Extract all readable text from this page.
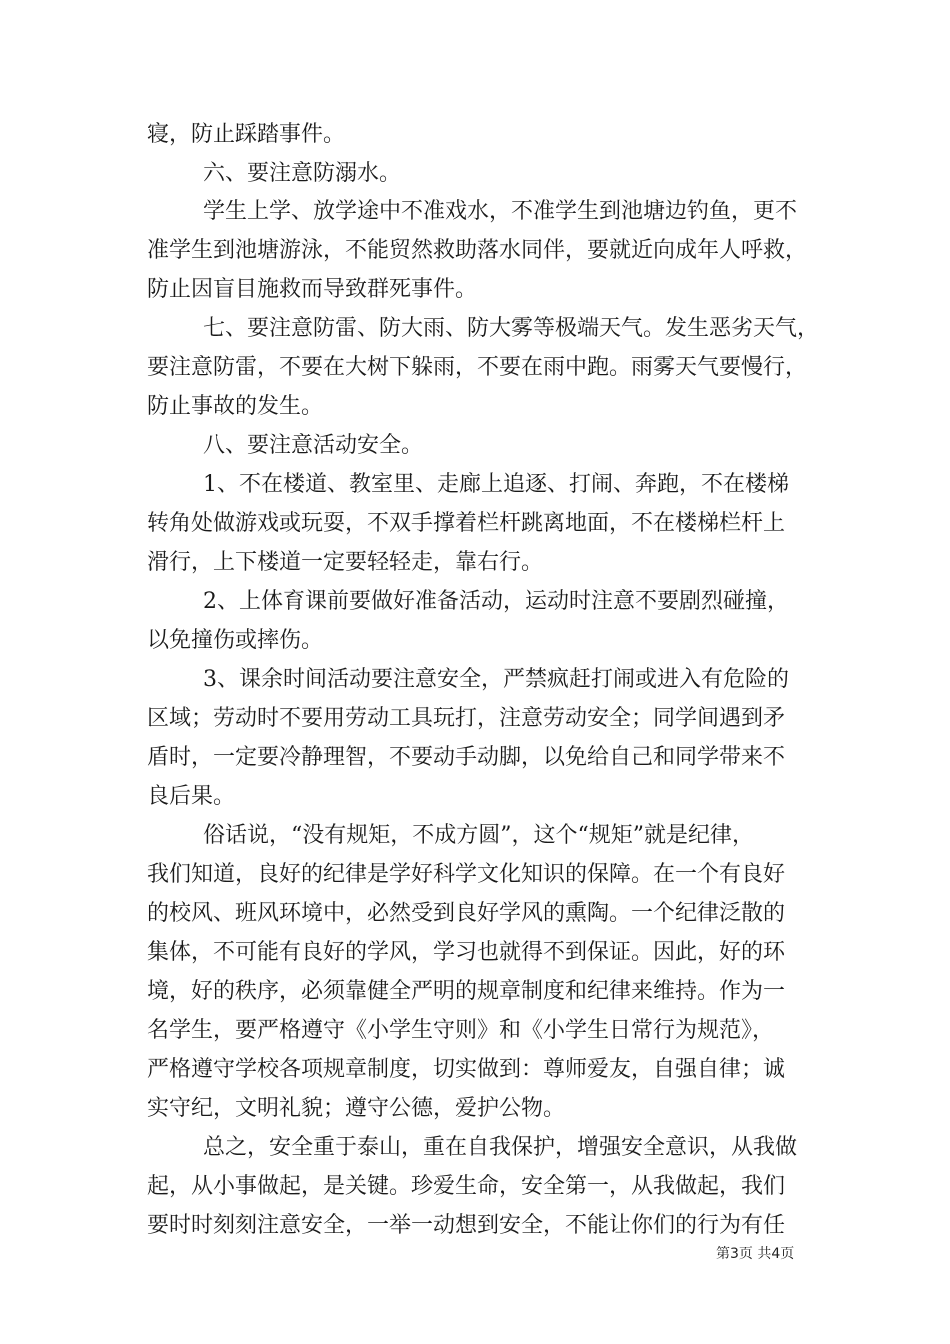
寝，防止踩踏事件。
六、要注意防溺水。
学生上学、放学途中不准戏水，不准学生到池塘边钓鱼，更不
准学生到池塘游泳，不能贸然救助落水同伴，要就近向成年人呼救，
防止因盲目施救而导致群死事件。
七、要注意防雷、防大雨、防大雾等极端天气。发生恶劣天气，
要注意防雷，不要在大树下躲雨，不要在雨中跑。雨雾天气要慢行，
防止事故的发生。
八、要注意活动安全。
1、不在楼道、教室里、走廊上追逐、打闹、奔跑，不在楼梯
转角处做游戏或玩耍，不双手撑着栏杆跳离地面，不在楼梯栏杆上
滑行，上下楼道一定要轻轻走，靠右行。
2、上体育课前要做好准备活动，运动时注意不要剧烈碰撞，
以免撞伤或摔伤。
3、课余时间活动要注意安全，严禁疯赶打闹或进入有危险的
区域；劳动时不要用劳动工具玩打，注意劳动安全；同学间遇到矛
盾时，一定要冷静理智，不要动手动脚，以免给自己和同学带来不
良后果。
俗话说，“没有规矩，不成方圆”，这个“规矩”就是纪律，
我们知道，良好的纪律是学好科学文化知识的保障。在一个有良好
的校风、班风环境中，必然受到良好学风的熏陶。一个纪律泛散的
集体，不可能有良好的学风，学习也就得不到保证。因此，好的环
境，好的秩序，必须靠健全严明的规章制度和纪律来维持。作为一
名学生，要严格遵守《小学生守则》和《小学生日常行为规范》，
严格遵守学校各项规章制度，切实做到：尊师爱友，自强自律；诚
实守纪，文明礼貌；遵守公德，爱护公物。
总之，安全重于泰山，重在自我保护，增强安全意识，从我做
起，从小事做起，是关键。珍爱生命，安全第一，从我做起，我们
要时时刻刻注意安全，一举一动想到安全，不能让你们的行为有任
第3页 共4页
